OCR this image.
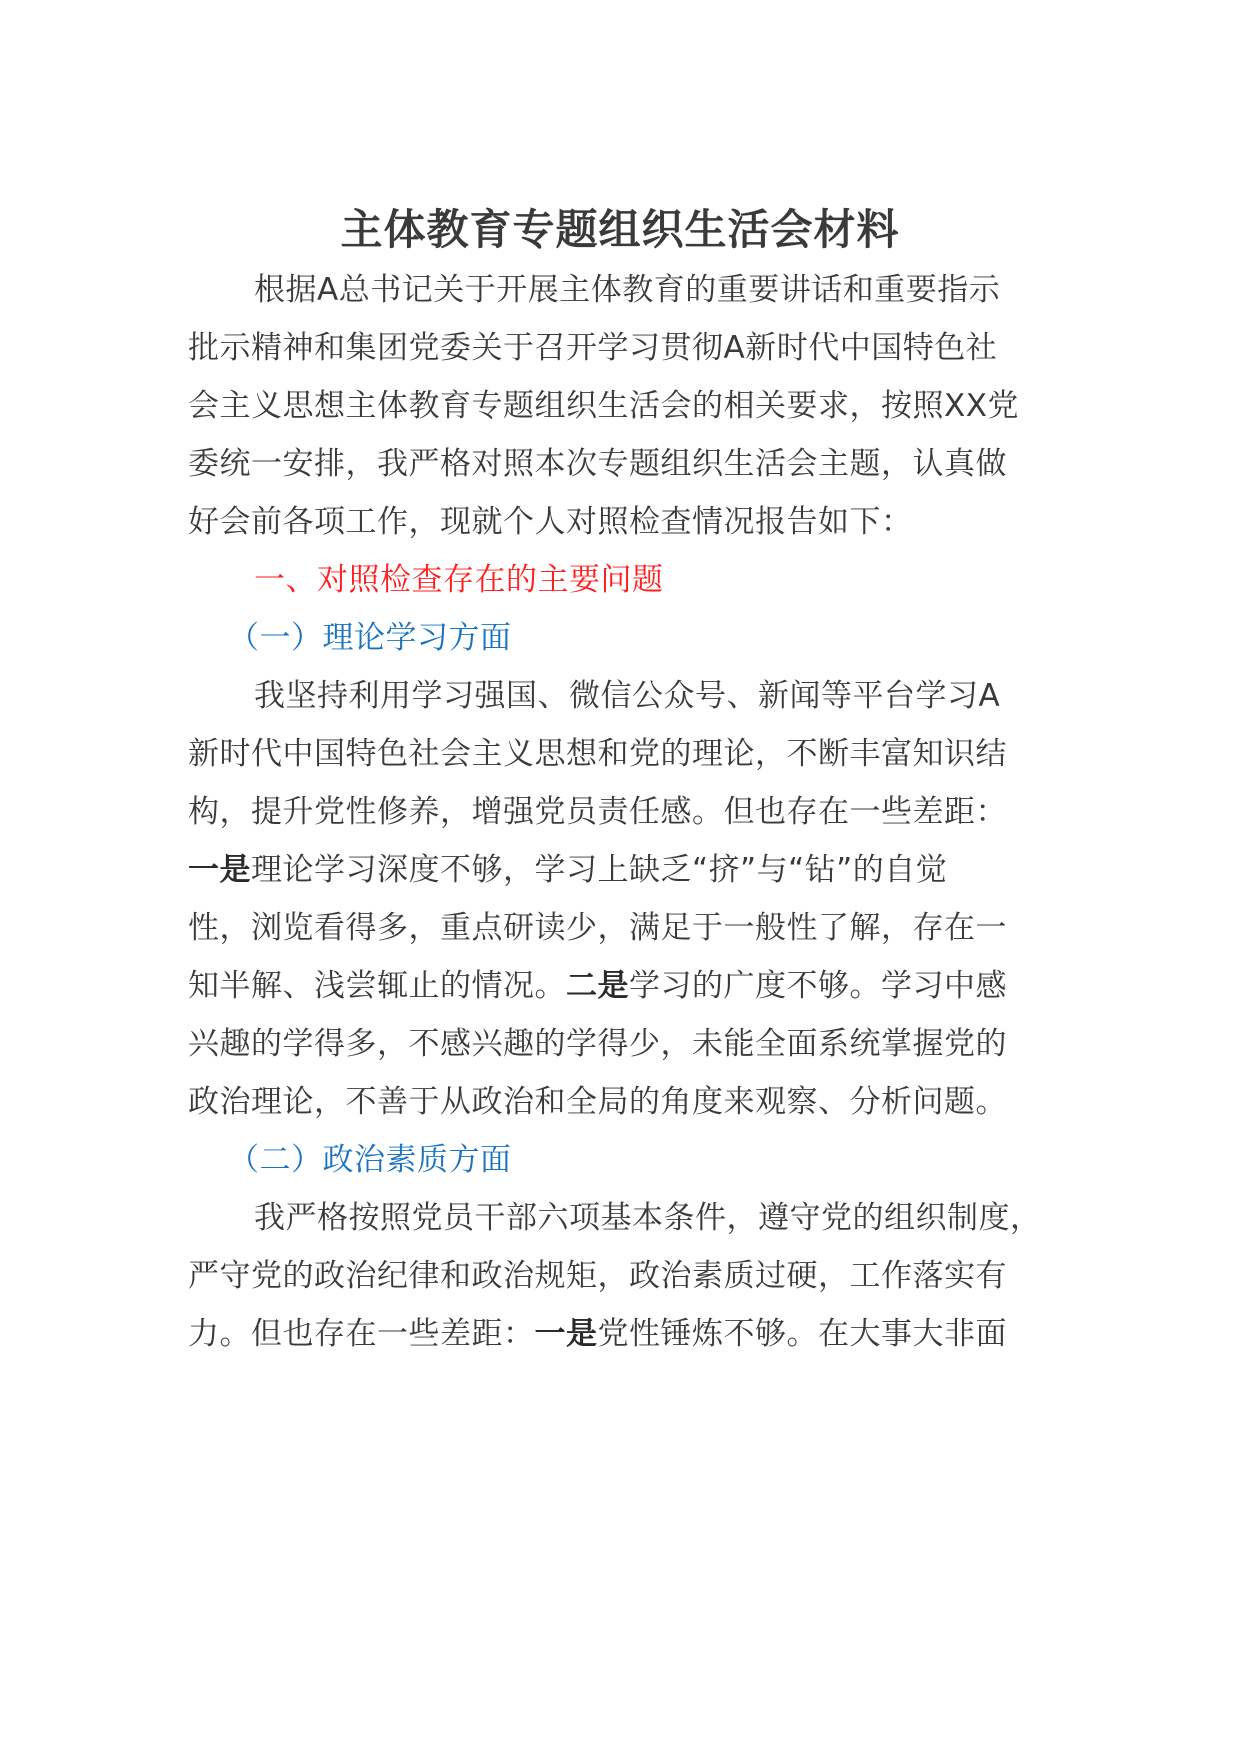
主体教育专题组织生活会材料
根据A总书记关于开展主体教育的重要讲话和重要指示
批示精神和集团党委关于召开学习贯彻A新时代中国特色社
会主义思想主体教育专题组织生活会的相关要求，按照XX党
委统一安排，我严格对照本次专题组织生活会主题，认真做
好会前各项工作，现就个人对照检查情况报告如下：
一、对照检查存在的主要问题
（一）理论学习方面
我坚持利用学习强国、微信公众号、新闻等平台学习A
新时代中国特色社会主义思想和党的理论，不断丰富知识结
构，提升党性修养，增强党员责任感。但也存在一些差距：
一是理论学习深度不够，学习上缺乏“挤”与“钻”的自觉
性，浏览看得多，重点研读少，满足于一般性了解，存在一
知半解、浅尝辄止的情况。二是学习的广度不够。学习中感
兴趣的学得多，不感兴趣的学得少，未能全面系统掌握党的
政治理论，不善于从政治和全局的角度来观察、分析问题。
（二）政治素质方面
我严格按照党员干部六项基本条件，遵守党的组织制度，
严守党的政治纪律和政治规矩，政治素质过硬，工作落实有
力。但也存在一些差距：一是党性锤炼不够。在大事大非面
